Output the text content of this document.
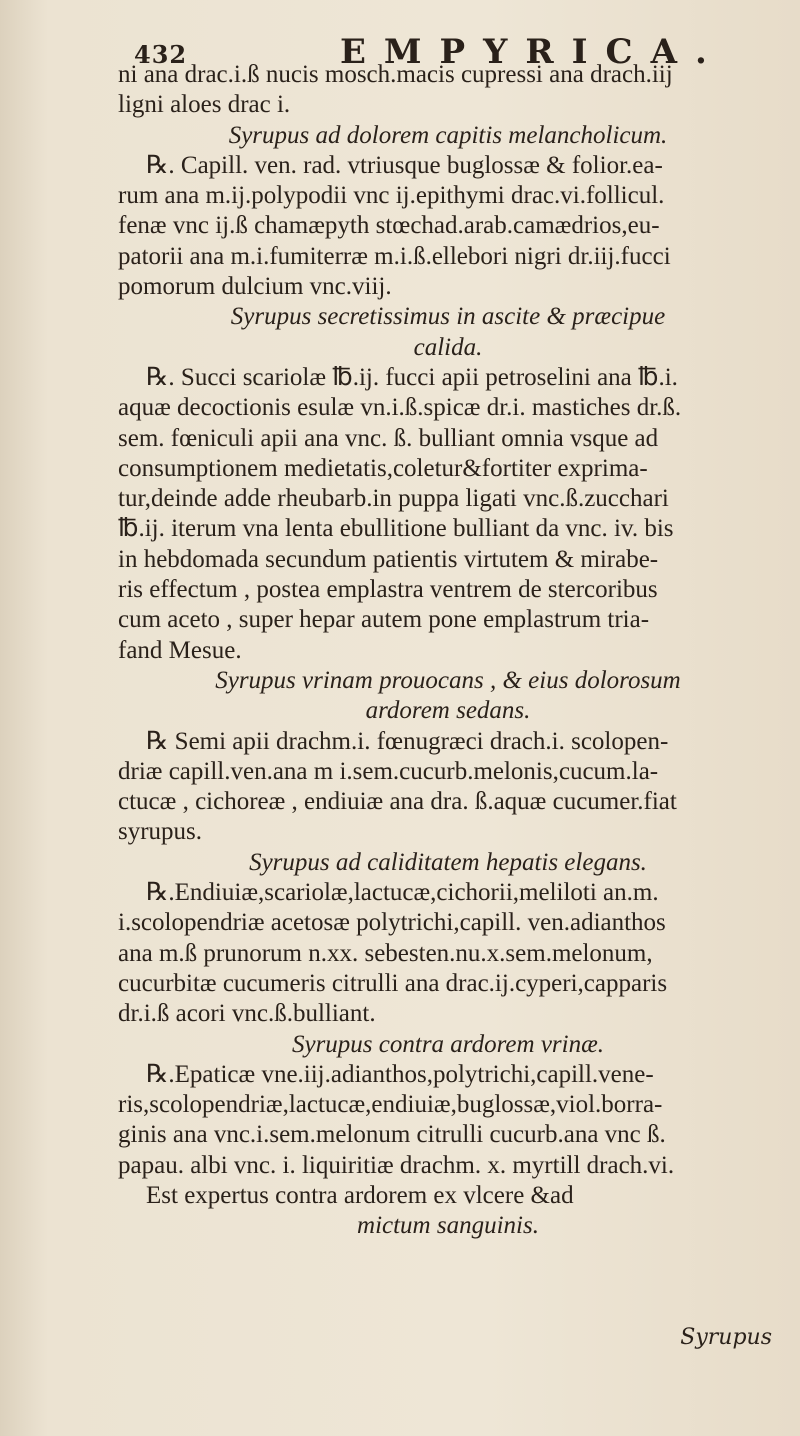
432	EMPYRICA.
ni ana drac.i.ß nucis mosch.macis cupressi ana drach.iij
ligni aloes drac i.
Syrupus ad dolorem capitis melancholicum.
℞. Capill. ven. rad. vtriusque buglossæ & folior.ea-
rum ana m.ij.polypodii vnc ij.epithymi drac.vi.follicul.
fenæ vnc ij.ß chamæpyth stœchad.arab.camædrios,eu-
patorii ana m.i.fumiterræ m.i.ß.ellebori nigri dr.iij.fucci
pomorum dulcium vnc.viij.
Syrupus secretissimus in ascite & præcipue
calida.
℞. Succi scariolæ ℔.ij. fucci apii petroselini ana ℔.i.
aquæ decoctionis esulæ vn.i.ß.spicæ dr.i. mastiches dr.ß.
sem. fœniculi apii ana vnc. ß. bulliant omnia vsque ad
consumptionem medietatis,coletur&fortiter exprima-
tur,deinde adde rheubarb.in puppa ligati vnc.ß.zucchari
℔.ij. iterum vna lenta ebullitione bulliant da vnc. iv. bis
in hebdomada secundum patientis virtutem & mirabe-
ris effectum , postea emplastra ventrem de stercoribus
cum aceto , super hepar autem pone emplastrum tria-
fand Mesue.
Syrupus vrinam prouocans , & eius dolorosum
ardorem sedans.
℞ Semi apii drachm.i. fœnugræci drach.i. scolopen-
driæ capill.ven.ana m i.sem.cucurb.melonis,cucum.la-
ctucæ , cichoreæ , endiuiæ ana dra. ß.aquæ cucumer.fiat
syrupus.
Syrupus ad caliditatem hepatis elegans.
℞.Endiuiæ,scariolæ,lactucæ,cichorii,meliloti an.m.
i.scolopendriæ acetosæ polytrichi,capill. ven.adianthos
ana m.ß prunorum n.xx. sebesten.nu.x.sem.melonum,
cucurbitæ cucumeris citrulli ana drac.ij.cyperi,capparis
dr.i.ß acori vnc.ß.bulliant.
Syrupus contra ardorem vrinæ.
℞.Epaticæ vne.iij.adianthos,polytrichi,capill.vene-
ris,scolopendriæ,lactucæ,endiuiæ,buglossæ,viol.borra-
ginis ana vnc.i.sem.melonum citrulli cucurb.ana vnc ß.
papau. albi vnc. i. liquiritiæ drachm. x. myrtill drach.vi.
Est expertus contra ardorem ex vlcere &ad
mictum sanguinis.
Syrupus
